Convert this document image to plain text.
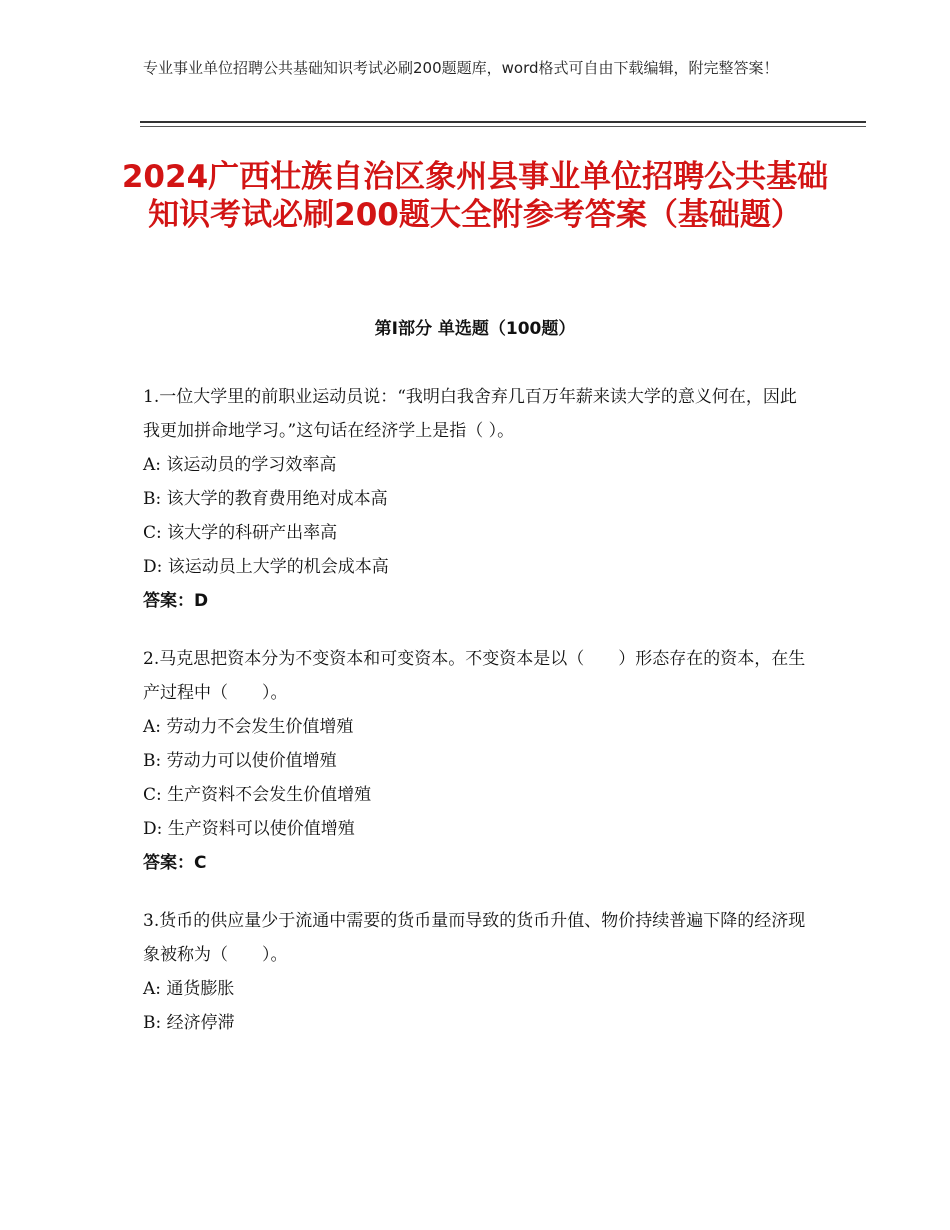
专业事业单位招聘公共基础知识考试必刷200题题库，word格式可自由下载编辑，附完整答案！
2024广西壮族自治区象州县事业单位招聘公共基础知识考试必刷200题大全附参考答案（基础题）
第Ⅰ部分 单选题（100题）
1.一位大学里的前职业运动员说：“我明白我舍弃几百万年薪来读大学的意义何在，因此我更加拼命地学习。”这句话在经济学上是指（ ）。
A: 该运动员的学习效率高
B: 该大学的教育费用绝对成本高
C: 该大学的科研产出率高
D: 该运动员上大学的机会成本高
答案：D
2.马克思把资本分为不变资本和可变资本。不变资本是以（　　）形态存在的资本，在生产过程中（　　）。
A: 劳动力不会发生价值增殖
B: 劳动力可以使价值增殖
C: 生产资料不会发生价值增殖
D: 生产资料可以使价值增殖
答案：C
3.货币的供应量少于流通中需要的货币量而导致的货币升值、物价持续普遍下降的经济现象被称为（　　）。
A: 通货膨胀
B: 经济停滞
